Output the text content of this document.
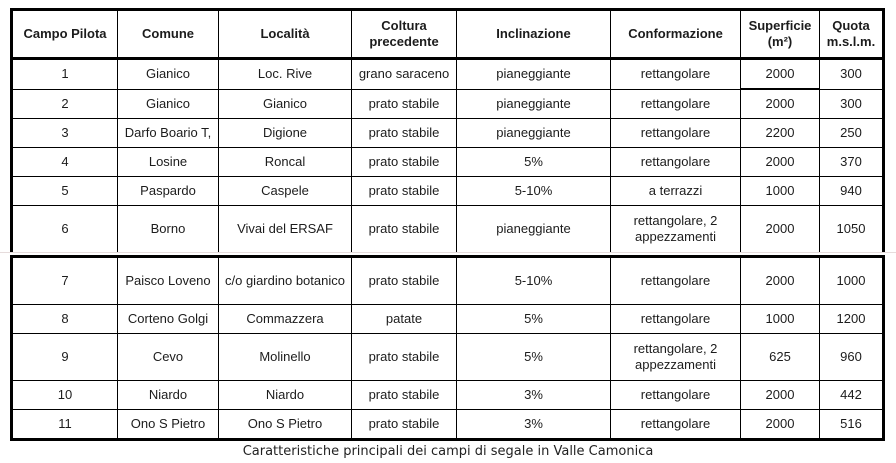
Campo Pilota	Comune	Località	Coltura precedente	Inclinazione	Conformazione	Superficie (m²)	Quota m.s.l.m.
1	Gianico	Loc. Rive	grano saraceno	pianeggiante	rettangolare	2000	300
2	Gianico	Gianico	prato stabile	pianeggiante	rettangolare	2000	300
3	Darfo Boario T,	Digione	prato stabile	pianeggiante	rettangolare	2200	250
4	Losine	Roncal	prato stabile	5%	rettangolare	2000	370
5	Paspardo	Caspele	prato stabile	5-10%	a terrazzi	1000	940
6	Borno	Vivai del ERSAF	prato stabile	pianeggiante	rettangolare, 2 appezzamenti	2000	1050
7	Paisco Loveno	c/o giardino botanico	prato stabile	5-10%	rettangolare	2000	1000
8	Corteno Golgi	Commazzera	patate	5%	rettangolare	1000	1200
9	Cevo	Molinello	prato stabile	5%	rettangolare, 2 appezzamenti	625	960
10	Niardo	Niardo	prato stabile	3%	rettangolare	2000	442
11	Ono S Pietro	Ono S Pietro	prato stabile	3%	rettangolare	2000	516
Caratteristiche principali dei campi di segale in Valle Camonica
